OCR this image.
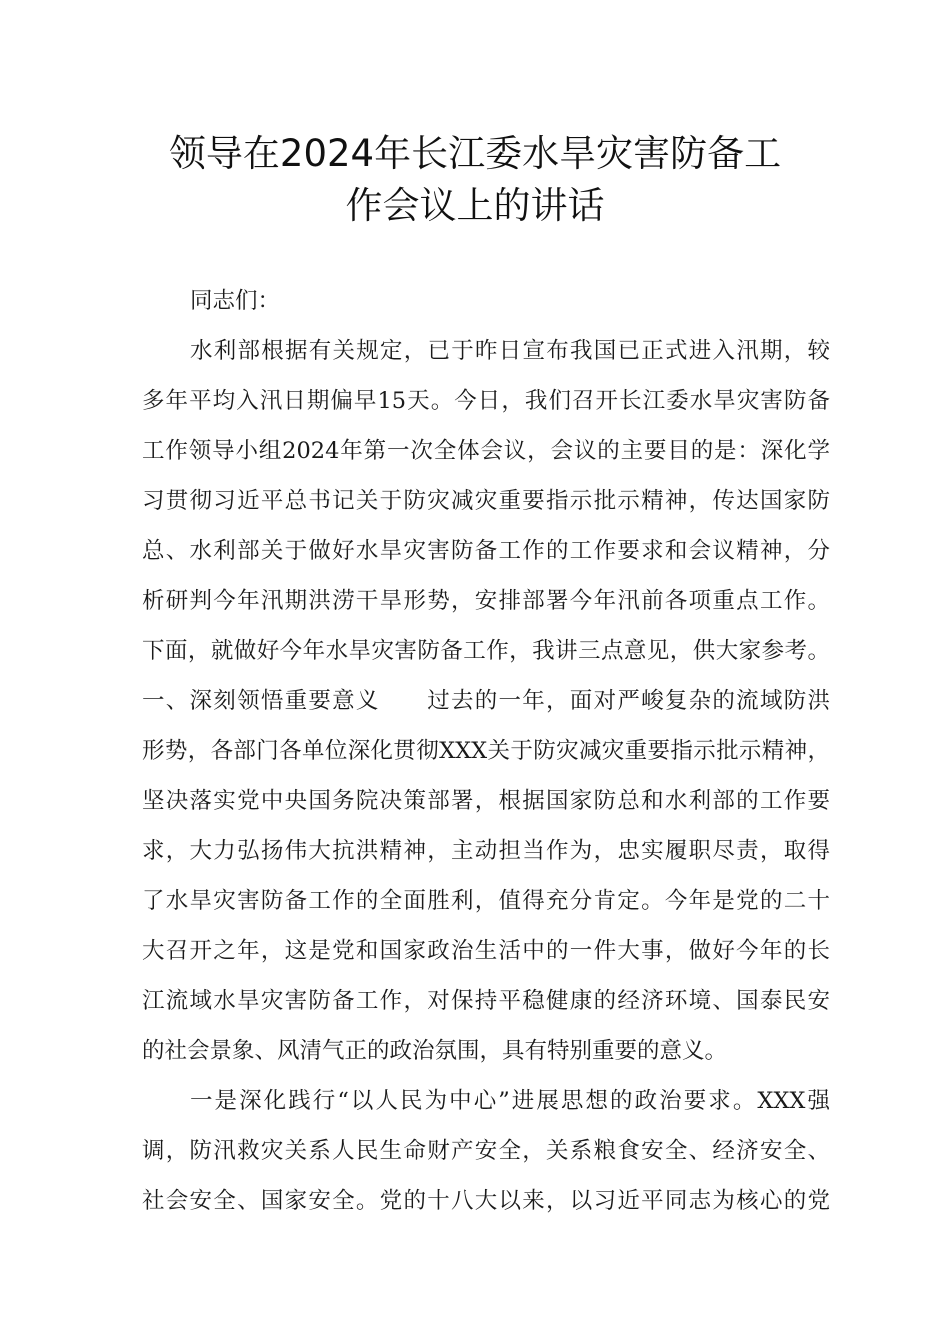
领导在2024年长江委水旱灾害防备工
作会议上的讲话
同志们：
水利部根据有关规定，已于昨日宣布我国已正式进入汛期，较
多年平均入汛日期偏早15天。今日，我们召开长江委水旱灾害防备
工作领导小组2024年第一次全体会议，会议的主要目的是：深化学
习贯彻习近平总书记关于防灾减灾重要指示批示精神，传达国家防
总、水利部关于做好水旱灾害防备工作的工作要求和会议精神，分
析研判今年汛期洪涝干旱形势，安排部署今年汛前各项重点工作。
下面，就做好今年水旱灾害防备工作，我讲三点意见，供大家参考。
一、深刻领悟重要意义　　过去的一年，面对严峻复杂的流域防洪
形势，各部门各单位深化贯彻XXX关于防灾减灾重要指示批示精神，
坚决落实党中央国务院决策部署，根据国家防总和水利部的工作要
求，大力弘扬伟大抗洪精神，主动担当作为，忠实履职尽责，取得
了水旱灾害防备工作的全面胜利，值得充分肯定。今年是党的二十
大召开之年，这是党和国家政治生活中的一件大事，做好今年的长
江流域水旱灾害防备工作，对保持平稳健康的经济环境、国泰民安
的社会景象、风清气正的政治氛围，具有特别重要的意义。
一是深化践行“以人民为中心”进展思想的政治要求。XXX强
调，防汛救灾关系人民生命财产安全，关系粮食安全、经济安全、
社会安全、国家安全。党的十八大以来，以习近平同志为核心的党
